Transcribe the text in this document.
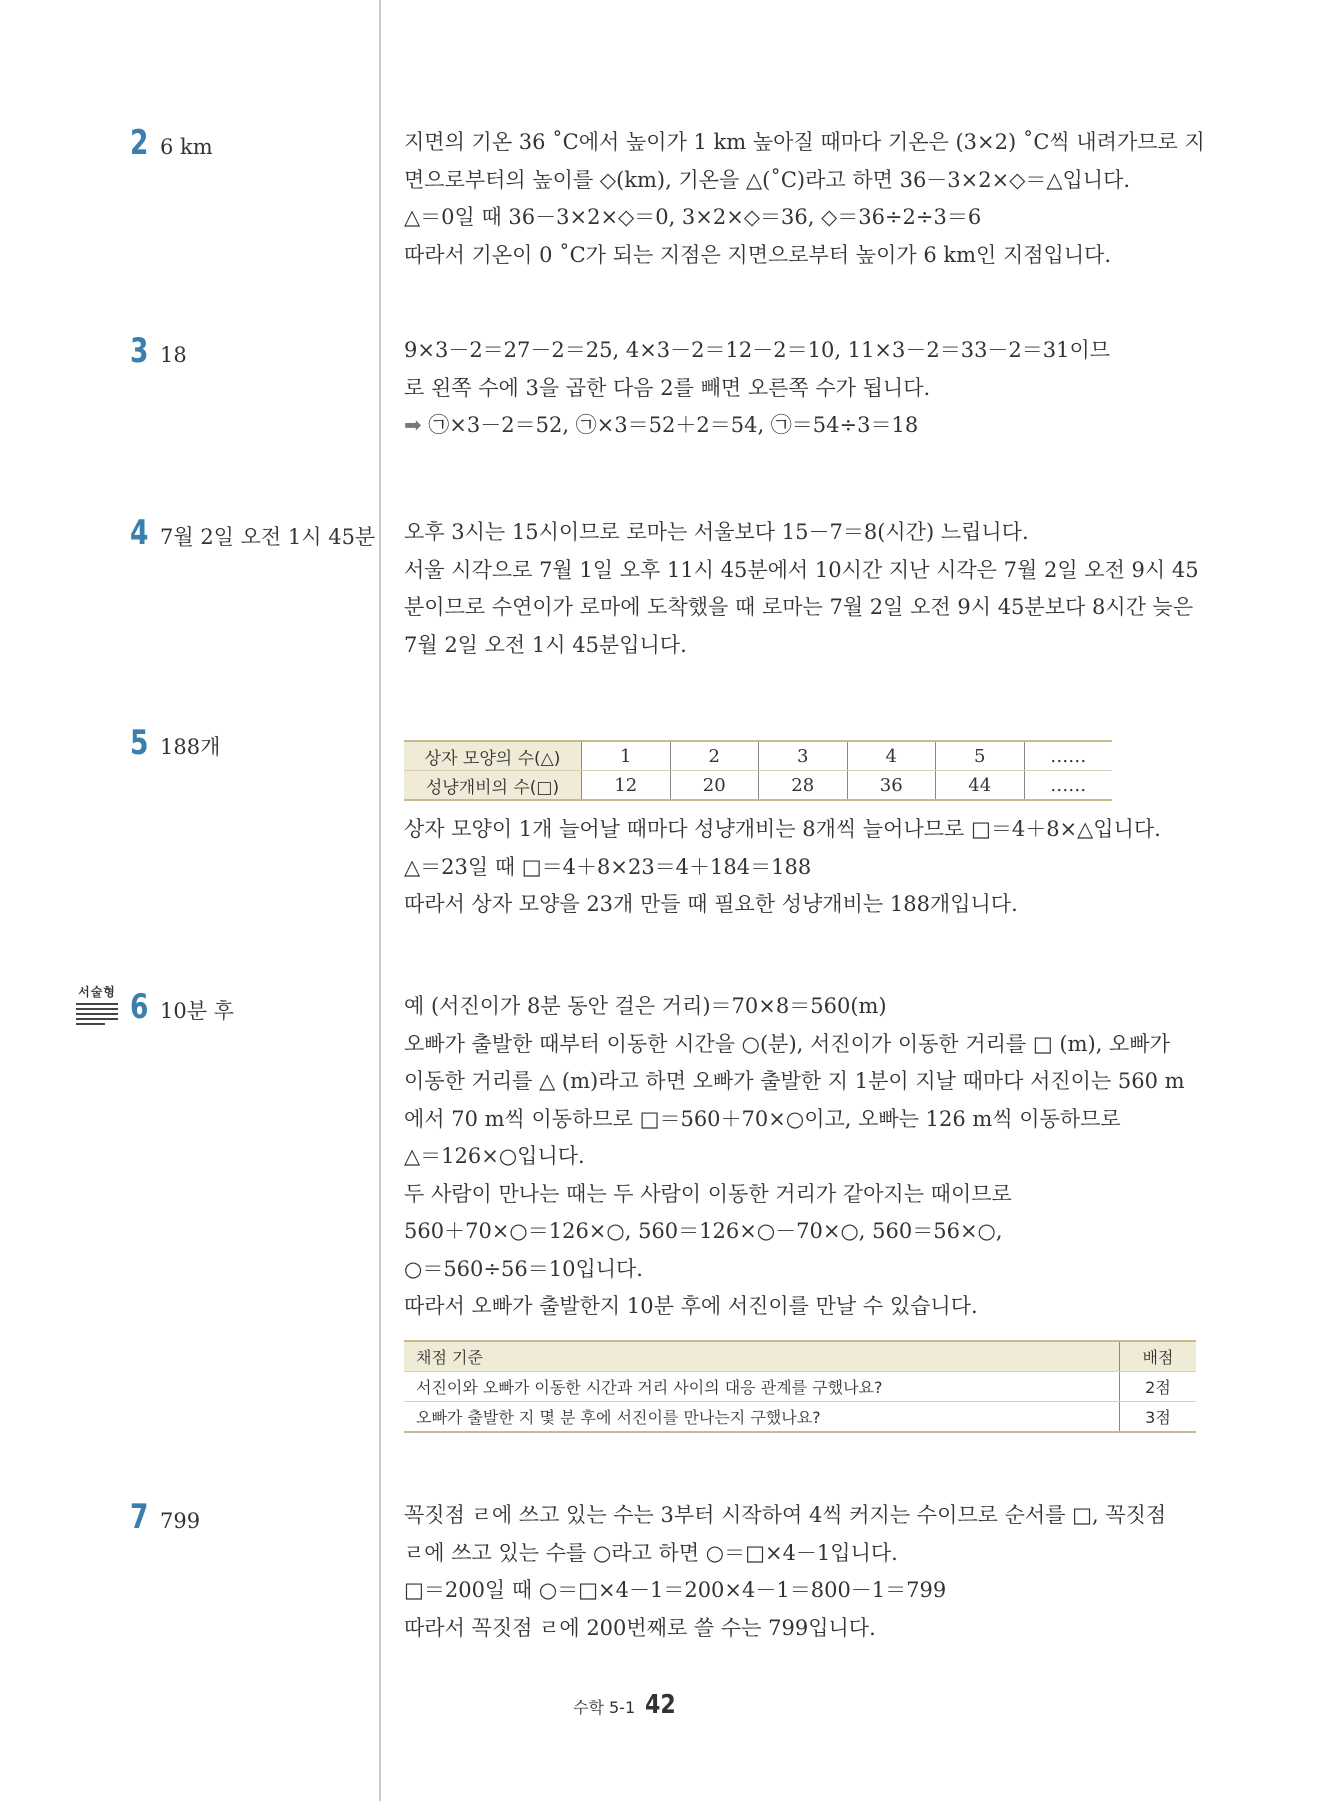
2 6 km	지면의 기온 36 ˚C에서 높이가 1 km 높아질 때마다 기온은 (3×2) ˚C씩 내려가므로 지

면으로부터의 높이를 ◇(km), 기온을 △(˚C)라고 하면 36－3×2×◇＝△입니다.

△＝0일 때 36－3×2×◇＝0, 3×2×◇＝36, ◇＝36÷2÷3＝6

따라서 기온이 0 ˚C가 되는 지점은 지면으로부터 높이가 6 km인 지점입니다.

3 18	9×3－2＝27－2＝25, 4×3－2＝12－2＝10, 11×3－2＝33－2＝31이므

로 왼쪽 수에 3을 곱한 다음 2를 빼면 오른쪽 수가 됩니다.

➡ ㉠×3－2＝52, ㉠×3＝52＋2＝54, ㉠＝54÷3＝18

4 7월 2일 오전 1시 45분 오후 3시는 15시이므로 로마는 서울보다 15－7＝8(시간) 느립니다.

서울 시각으로 7월 1일 오후 11시 45분에서 10시간 지난 시각은 7월 2일 오전 9시 45

분이므로 수연이가 로마에 도착했을 때 로마는 7월 2일 오전 9시 45분보다 8시간 늦은

7월 2일 오전 1시 45분입니다.

5 188개	상자 모양의 수(△)	1	2	3	4	5	……
성냥개비의 수(□)	12	20	28	36	44	……

상자 모양이 1개 늘어날 때마다 성냥개비는 8개씩 늘어나므로 □＝4＋8×△입니다.

△＝23일 때 □＝4＋8×23＝4＋184＝188

따라서 상자 모양을 23개 만들 때 필요한 성냥개비는 188개입니다.

서술형 6 10분 후	예 (서진이가 8분 동안 걸은 거리)＝70×8＝560(m)

오빠가 출발한 때부터 이동한 시간을 ○(분), 서진이가 이동한 거리를 □ (m), 오빠가

이동한 거리를 △ (m)라고 하면 오빠가 출발한 지 1분이 지날 때마다 서진이는 560 m

에서 70 m씩 이동하므로 □＝560＋70×○이고, 오빠는 126 m씩 이동하므로

△＝126×○입니다.

두 사람이 만나는 때는 두 사람이 이동한 거리가 같아지는 때이므로

560＋70×○＝126×○, 560＝126×○－70×○, 560＝56×○,

○＝560÷56＝10입니다.

따라서 오빠가 출발한지 10분 후에 서진이를 만날 수 있습니다.

채점 기준	배점
서진이와 오빠가 이동한 시간과 거리 사이의 대응 관계를 구했나요?	2점
오빠가 출발한 지 몇 분 후에 서진이를 만나는지 구했나요?	3점
7 799	꼭짓점 ㄹ에 쓰고 있는 수는 3부터 시작하여 4씩 커지는 수이므로 순서를 □, 꼭짓점

ㄹ에 쓰고 있는 수를 ○라고 하면 ○＝□×4－1입니다.

□＝200일 때 ○＝□×4－1＝200×4－1＝800－1＝799

따라서 꼭짓점 ㄹ에 200번째로 쓸 수는 799입니다.

수학 5-1 42
